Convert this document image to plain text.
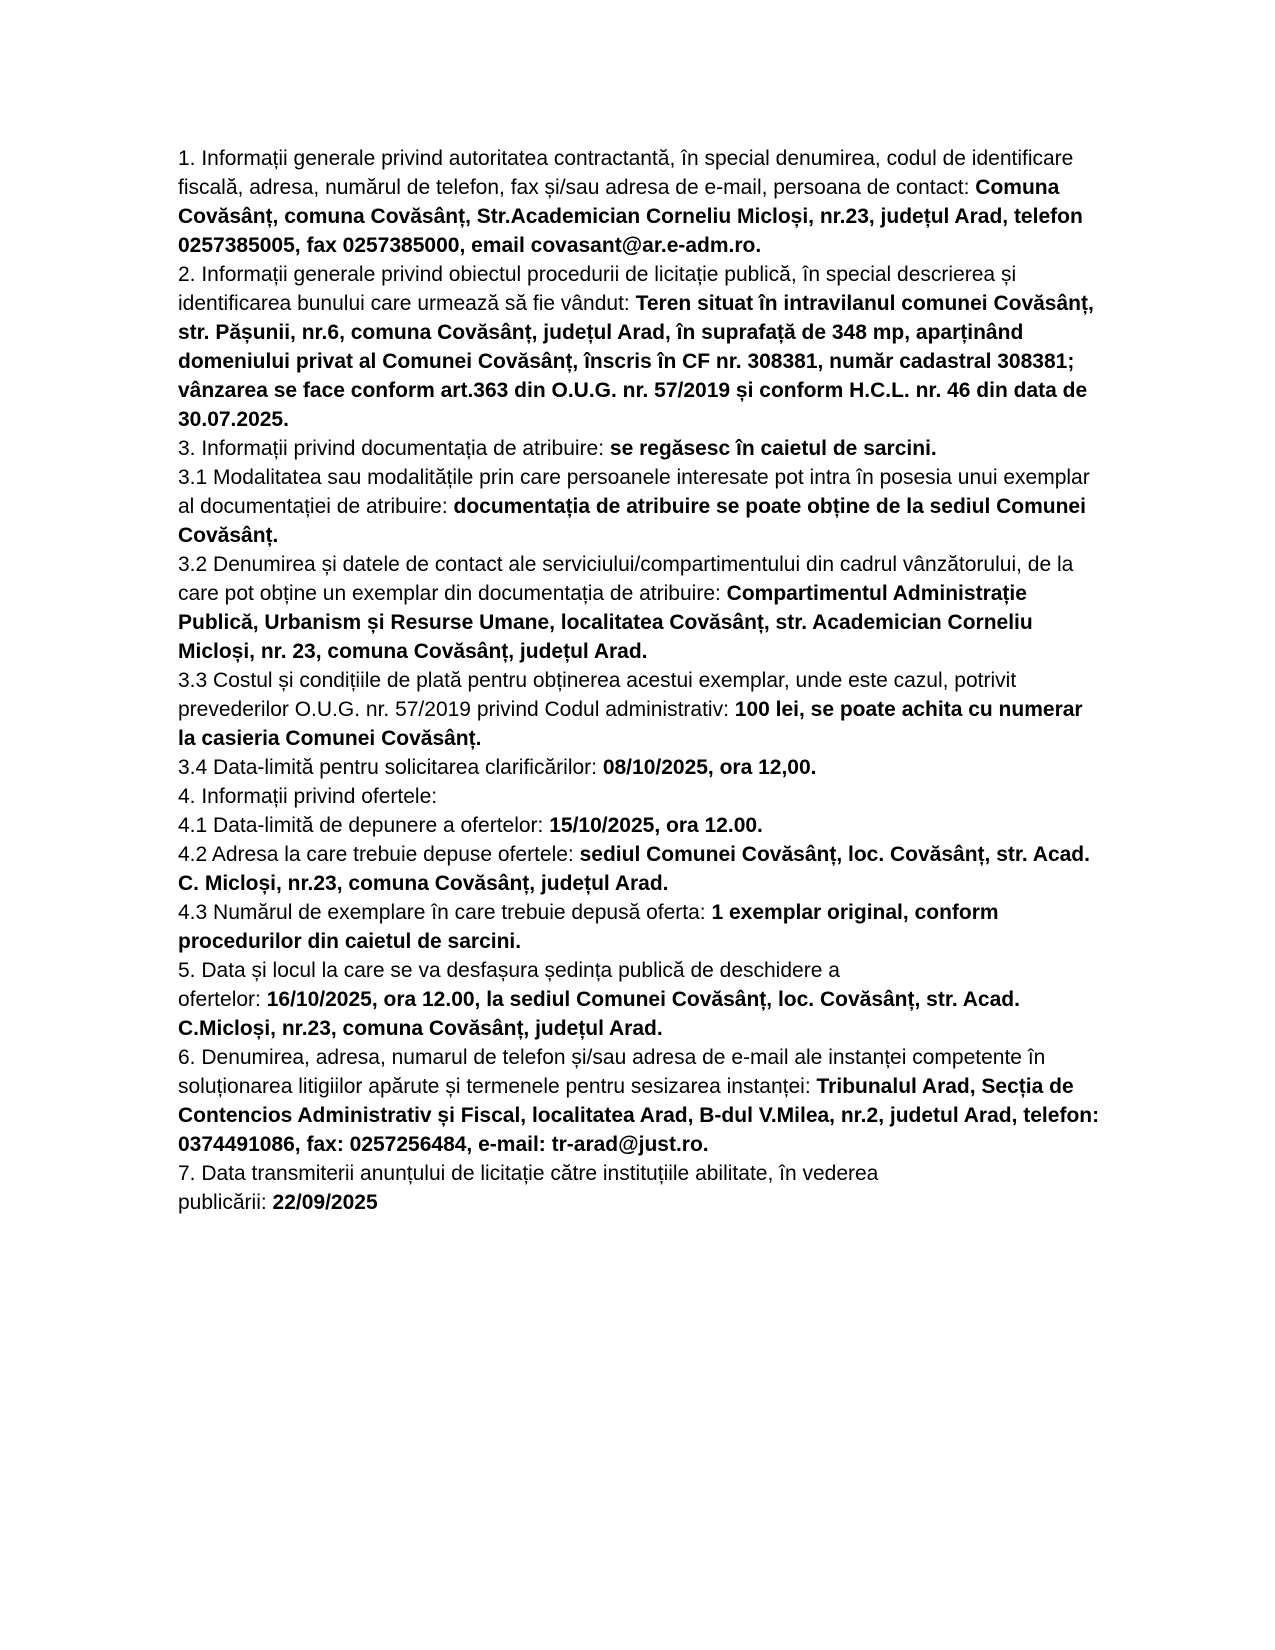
1. Informații generale privind autoritatea contractantă, în special denumirea, codul de identificare fiscală, adresa, numărul de telefon, fax și/sau adresa de e-mail, persoana de contact: Comuna Covăsânț, comuna Covăsânț, Str.Academician Corneliu Micloși, nr.23, județul Arad, telefon 0257385005, fax 0257385000, email covasant@ar.e-adm.ro.

2. Informații generale privind obiectul procedurii de licitație publică, în special descrierea și identificarea bunului care urmează să fie vândut: Teren situat în intravilanul comunei Covăsânț, str. Pășunii, nr.6, comuna Covăsânț, județul Arad, în suprafață de 348 mp, aparținând domeniului privat al Comunei Covăsânț, înscris în CF nr. 308381, număr cadastral 308381; vânzarea se face conform art.363 din O.U.G. nr. 57/2019 și conform H.C.L. nr. 46 din data de 30.07.2025.

3. Informații privind documentația de atribuire: se regăsesc în caietul de sarcini.

3.1 Modalitatea sau modalitățile prin care persoanele interesate pot intra în posesia unui exemplar al documentației de atribuire: documentația de atribuire se poate obține de la sediul Comunei Covăsânț.

3.2 Denumirea și datele de contact ale serviciului/compartimentului din cadrul vânzătorului, de la care pot obține un exemplar din documentația de atribuire: Compartimentul Administrație Publică, Urbanism și Resurse Umane, localitatea Covăsânț, str. Academician Corneliu Micloși, nr. 23, comuna Covăsânț, județul Arad.

3.3 Costul și condițiile de plată pentru obținerea acestui exemplar, unde este cazul, potrivit prevederilor O.U.G. nr. 57/2019 privind Codul administrativ: 100 lei, se poate achita cu numerar la casieria Comunei Covăsânț.

3.4 Data-limită pentru solicitarea clarificărilor: 08/10/2025, ora 12,00.

4. Informații privind ofertele:

4.1 Data-limită de depunere a ofertelor: 15/10/2025, ora 12.00.

4.2 Adresa la care trebuie depuse ofertele: sediul Comunei Covăsânț, loc. Covăsânț, str. Acad. C. Micloși, nr.23, comuna Covăsânț, județul Arad.

4.3 Numărul de exemplare în care trebuie depusă oferta: 1 exemplar original, conform procedurilor din caietul de sarcini.

5. Data și locul la care se va desfașura ședința publică de deschidere a
ofertelor: 16/10/2025, ora 12.00, la sediul Comunei Covăsânț, loc. Covăsânț, str. Acad. C.Micloși, nr.23, comuna Covăsânț, județul Arad.

6. Denumirea, adresa, numarul de telefon și/sau adresa de e-mail ale instanței competente în soluționarea litigiilor apărute și termenele pentru sesizarea instanței: Tribunalul Arad, Secția de Contencios Administrativ și Fiscal, localitatea Arad, B-dul V.Milea, nr.2, judetul Arad, telefon: 0374491086, fax: 0257256484, e-mail: tr-arad@just.ro.

7. Data transmiterii anunțului de licitație către instituțiile abilitate, în vederea
publicării: 22/09/2025
